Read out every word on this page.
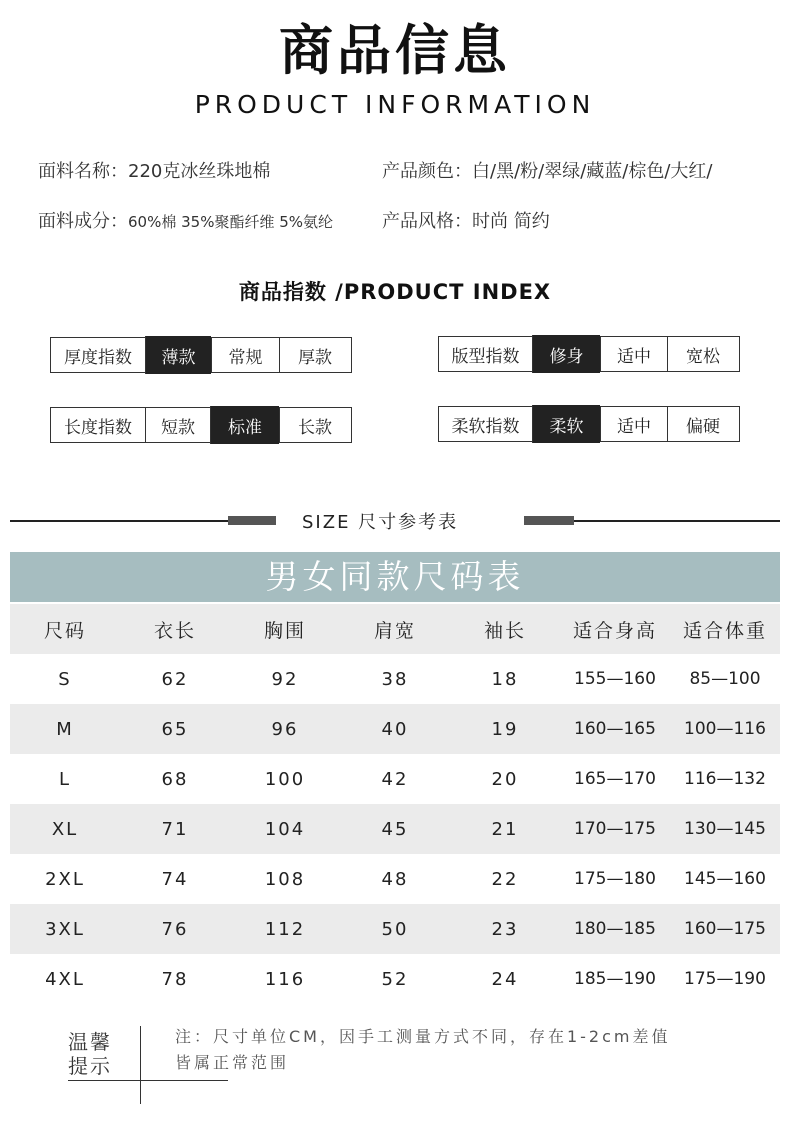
商品信息
PRODUCT INFORMATION
面料名称：220克冰丝珠地棉	产品颜色：白/黑/粉/翠绿/藏蓝/棕色/大红/
面料成分：60%棉 35%聚酯纤维 5%氨纶	产品风格：时尚 简约
商品指数 /PRODUCT INDEX
厚度指数	薄款	常规	厚款	版型指数	修身	适中	宽松
长度指数	短款	标准	长款	柔软指数	柔软	适中	偏硬
SIZE 尺寸参考表
男女同款尺码表
尺码	衣长	胸围	肩宽	袖长	适合身高	适合体重
S	62	92	38	18	155—160	85—100
M	65	96	40	19	160—165	100—116
L	68	100	42	20	165—170	116—132
XL	71	104	45	21	170—175	130—145
2XL	74	108	48	22	175—180	145—160
3XL	76	112	50	23	180—185	160—175
4XL	78	116	52	24	185—190	175—190
温馨
提示
注：尺寸单位CM，因手工测量方式不同，存在1-2cm差值
皆属正常范围
